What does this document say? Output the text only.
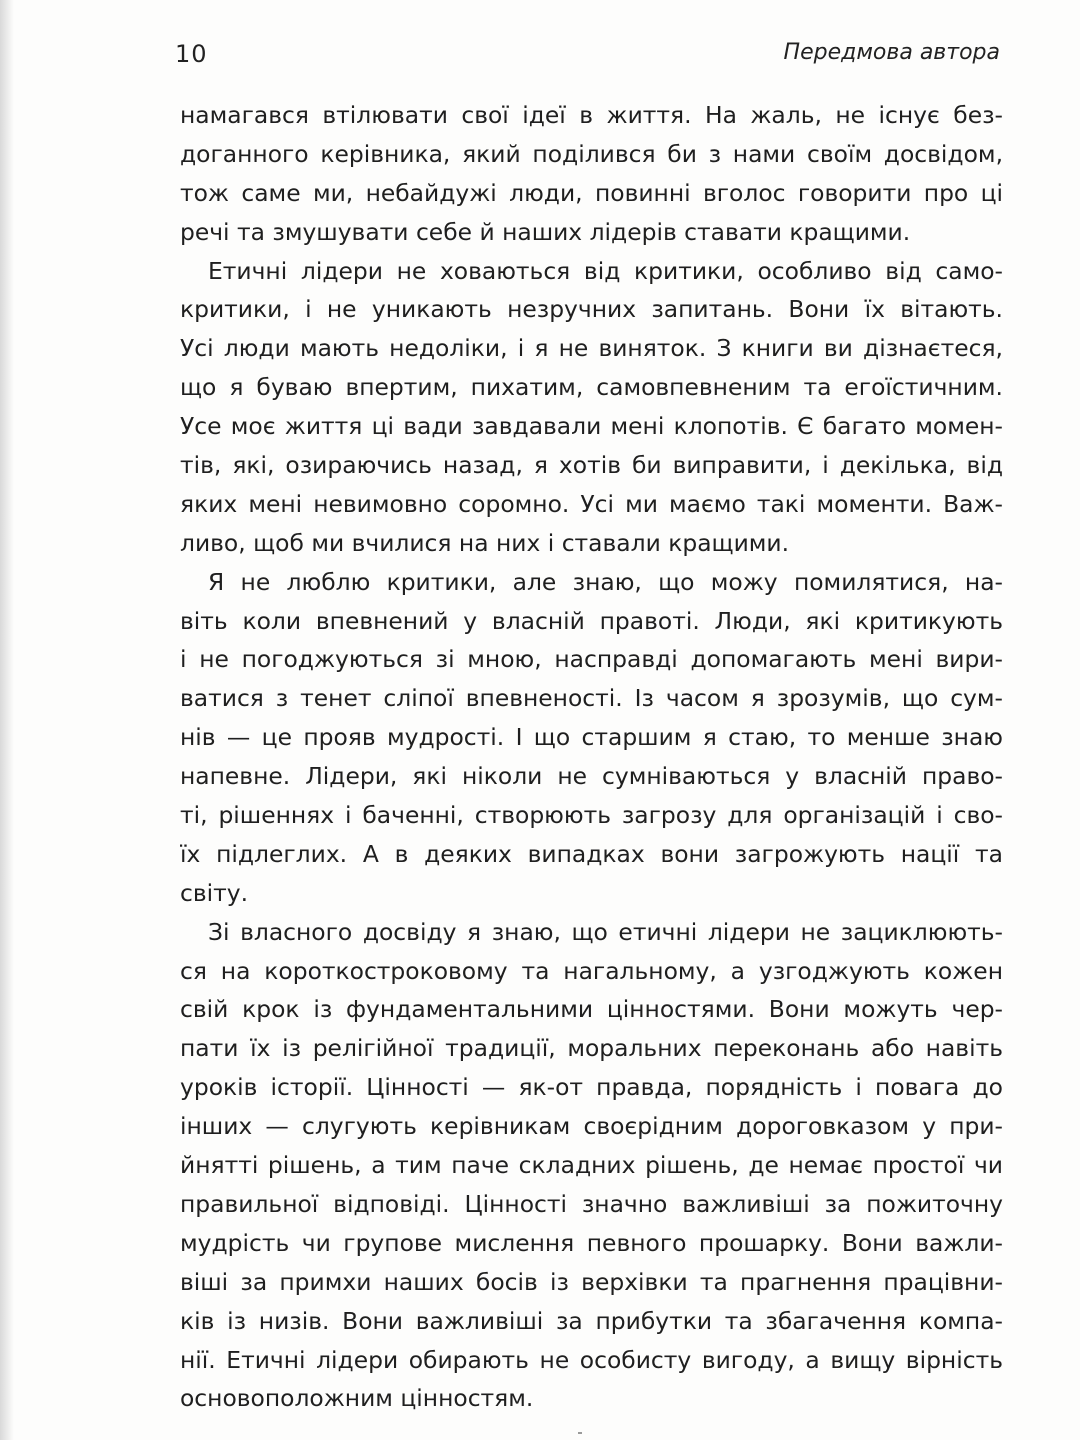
10	Передмова автора
намагався втілювати свої ідеї в життя. На жаль, не існує без-
доганного керівника, який поділився би з нами своїм досвідом,
тож саме ми, небайдужі люди, повинні вголос говорити про ці
речі та змушувати себе й наших лідерів ставати кращими.
Етичні лідери не ховаються від критики, особливо від само-
критики, і не уникають незручних запитань. Вони їх вітають.
Усі люди мають недоліки, і я не виняток. З книги ви дізнаєтеся,
що я буваю впертим, пихатим, самовпевненим та егоїстичним.
Усе моє життя ці вади завдавали мені клопотів. Є багато момен-
тів, які, озираючись назад, я хотів би виправити, і декілька, від
яких мені невимовно соромно. Усі ми маємо такі моменти. Важ-
ливо, щоб ми вчилися на них і ставали кращими.
Я не люблю критики, але знаю, що можу помилятися, на-
віть коли впевнений у власній правоті. Люди, які критикують
і не погоджуються зі мною, насправді допомагають мені вири-
ватися з тенет сліпої впевненості. Із часом я зрозумів, що сум-
нів — це прояв мудрості. І що старшим я стаю, то менше знаю
напевне. Лідери, які ніколи не сумніваються у власній право-
ті, рішеннях і баченні, створюють загрозу для організацій і сво-
їх підлеглих. А в деяких випадках вони загрожують нації та
світу.
Зі власного досвіду я знаю, що етичні лідери не зациклюють-
ся на короткостроковому та нагальному, а узгоджують кожен
свій крок із фундаментальними цінностями. Вони можуть чер-
пати їх із релігійної традиції, моральних переконань або навіть
уроків історії. Цінності — як-от правда, порядність і повага до
інших — слугують керівникам своєрідним дороговказом у при-
йнятті рішень, а тим паче складних рішень, де немає простої чи
правильної відповіді. Цінності значно важливіші за пожиточну
мудрість чи групове мислення певного прошарку. Вони важли-
віші за примхи наших босів із верхівки та прагнення працівни-
ків із низів. Вони важливіші за прибутки та збагачення компа-
нії. Етичні лідери обирають не особисту вигоду, а вищу вірність
основоположним цінностям.
